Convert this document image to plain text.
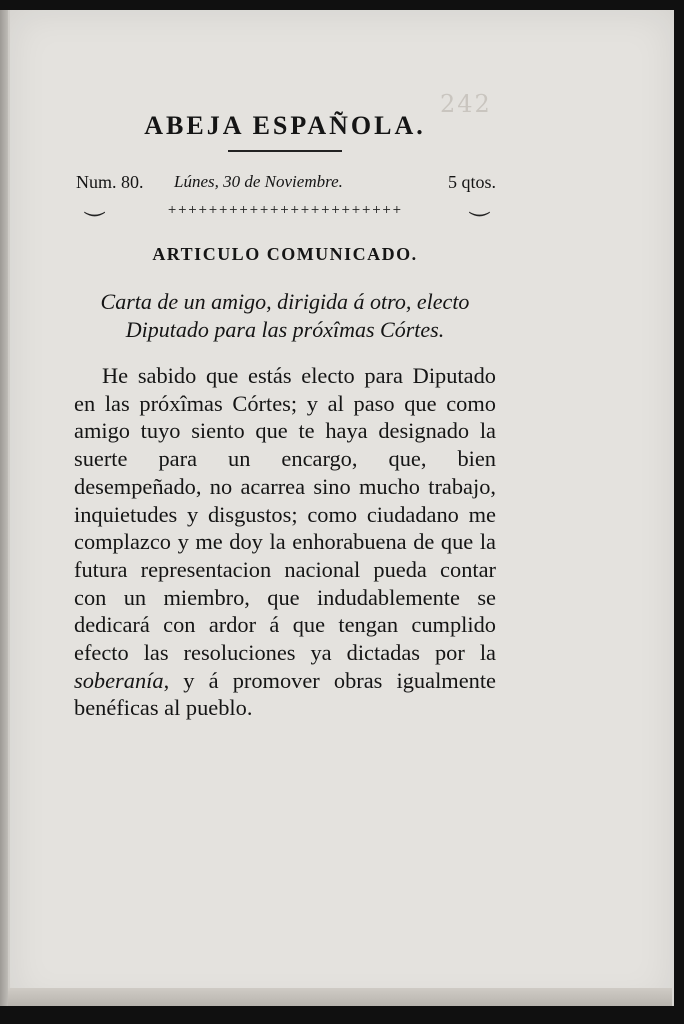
242
ABEJA ESPAÑOLA.
Num. 80. Lúnes, 30 de Noviembre.	5 qtos.
⏝	⏝
+++++++++++++++++++++++
ARTICULO COMUNICADO.
Carta de un amigo, dirigida á otro, electo Diputado para las próxîmas Córtes.

He sabido que estás electo para Diputado en las próxîmas Córtes; y al paso que como amigo tuyo siento que te haya designado la suerte para un encargo, que, bien desempeñado, no acarrea sino mucho trabajo, inquietudes y disgustos; como ciudadano me complazco y me doy la enhorabuena de que la futura representacion nacional pueda contar con un miembro, que indudablemente se dedicará con ardor á que tengan cumplido efecto las resoluciones ya dictadas por la soberanía, y á promover obras igualmente benéficas al pueblo.
